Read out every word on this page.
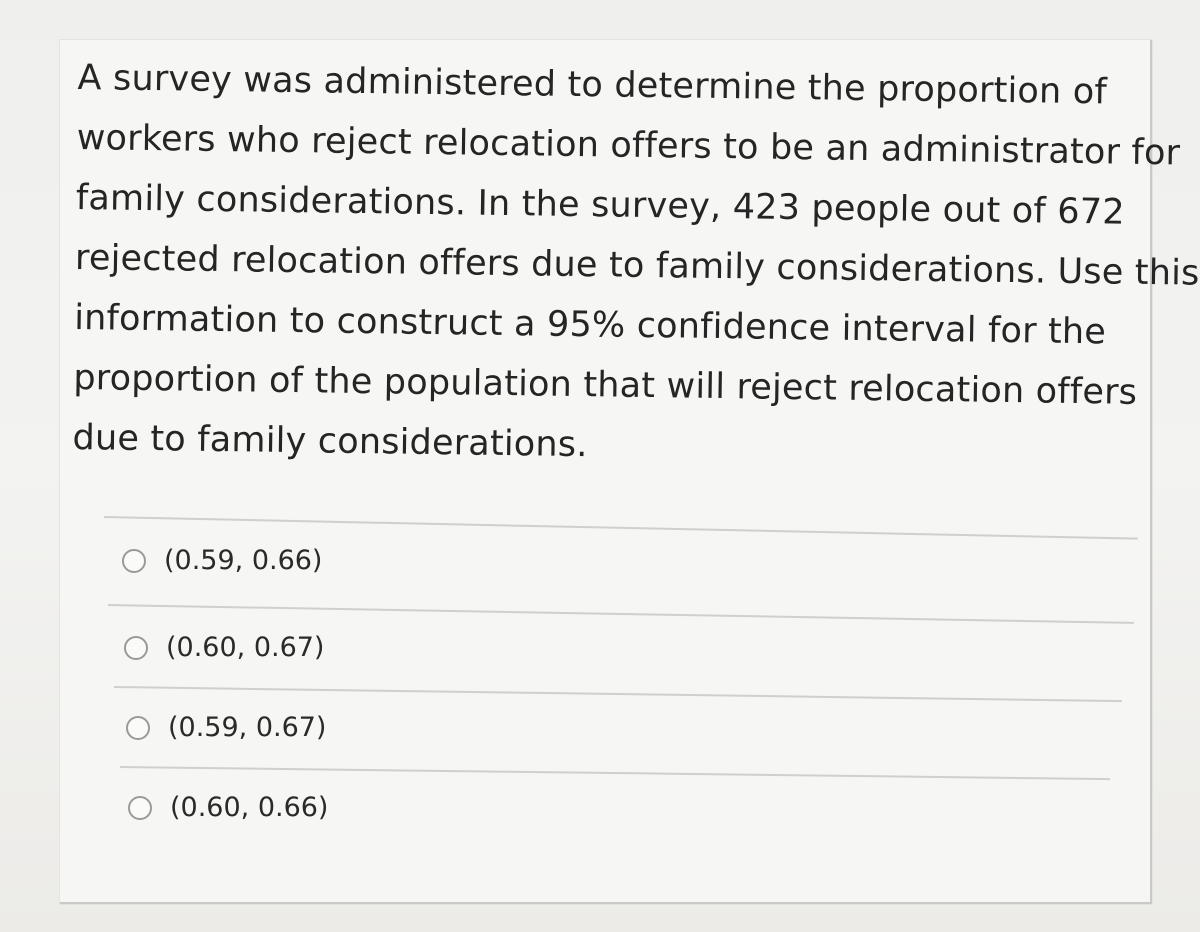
A survey was administered to determine the proportion of
workers who reject relocation offers to be an administrator for
family considerations. In the survey, 423 people out of 672
rejected relocation offers due to family considerations. Use this
information to construct a 95% confidence interval for the
proportion of the population that will reject relocation offers
due to family considerations.

(0.59, 0.66)
(0.60, 0.67)
(0.59, 0.67)
(0.60, 0.66)
